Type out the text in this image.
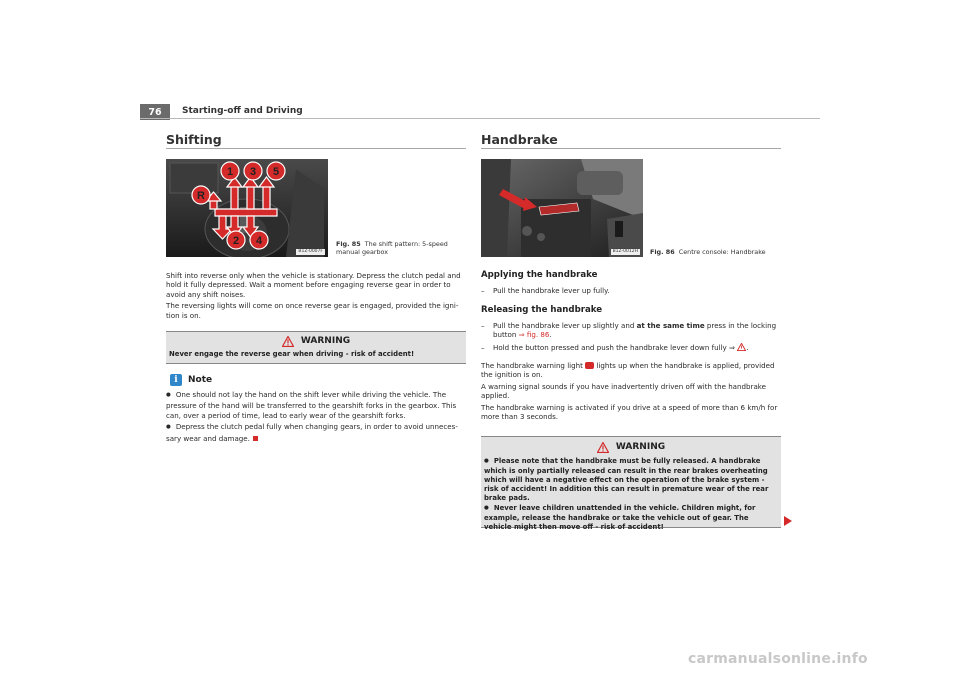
76	Starting-off and Driving
Shifting
R
1 3 5
2 4
B1Z-0007F
Fig. 85 The shift pattern: 5-speed manual gearbox

Shift into reverse only when the vehicle is stationary. Depress the clutch pedal and hold it fully depressed. Wait a moment before engaging reverse gear in order to avoid any shift noises.

The reversing lights will come on once reverse gear is engaged, provided the igni-tion is on.

WARNING
Never engage the reverse gear when driving - risk of accident!
i	Note

● One should not lay the hand on the shift lever while driving the vehicle. The pressure of the hand will be transferred to the gearshift forks in the gearbox. This can, over a period of time, lead to early wear of the gearshift forks.

● Depress the clutch pedal fully when changing gears, in order to avoid unneces-sary wear and damage.

Handbrake
B1Z-0012H	Fig. 86 Centre console: Handbrake
Applying the handbrake
– Pull the handbrake lever up fully.
Releasing the handbrake
– Pull the handbrake lever up slightly and at the same time press in the locking
button ⇒ fig. 86.
– Hold the button pressed and push the handbrake lever down fully ⇒ .

The handbrake warning light  lights up when the handbrake is applied, provided the ignition is on.

A warning signal sounds if you have inadvertently driven off with the handbrake applied.

The handbrake warning is activated if you drive at a speed of more than 6 km/h for more than 3 seconds.

WARNING

● Please note that the handbrake must be fully released. A handbrake which is only partially released can result in the rear brakes overheating which will have a negative effect on the operation of the brake system - risk of accident! In addition this can result in premature wear of the rear brake pads.

● Never leave children unattended in the vehicle. Children might, for example, release the handbrake or take the vehicle out of gear. The vehicle might then move off - risk of accident!

carmanualsonline.info
